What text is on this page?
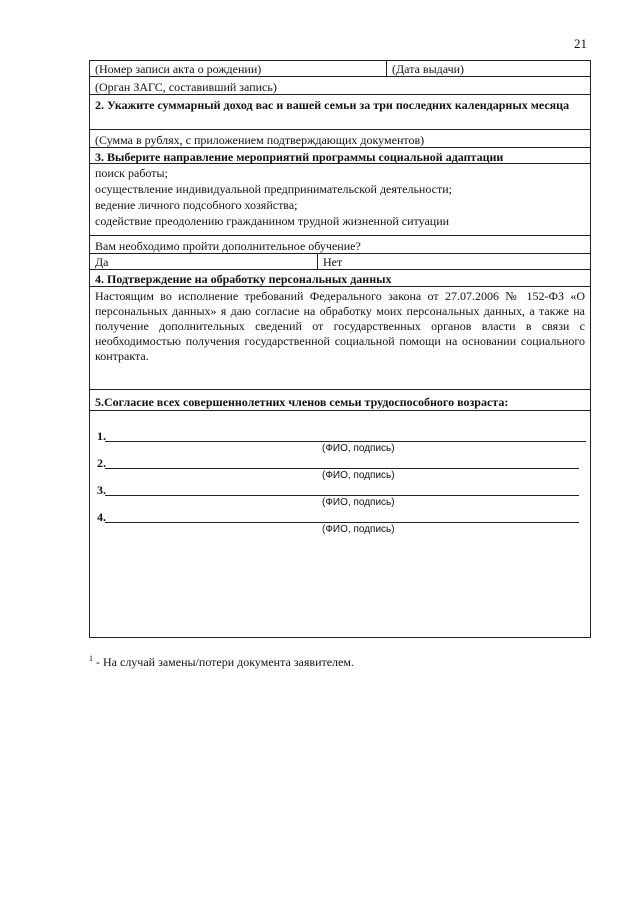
21
(Номер записи акта о рождении)	(Дата выдачи)
(Орган ЗАГС, составивший запись)
2. Укажите суммарный доход вас и вашей семьи за три последних календарных месяца
(Сумма в рублях, с приложением подтверждающих документов)
3. Выберите направление мероприятий программы социальной адаптации
поиск работы;
осуществление индивидуальной предпринимательской деятельности;
ведение личного подсобного хозяйства;
содействие преодолению гражданином трудной жизненной ситуации
Вам необходимо пройти дополнительное обучение?
Да	Нет
4. Подтверждение на обработку персональных данных
Настоящим во исполнение требований Федерального закона от 27.07.2006 № 152-ФЗ «О персональных данных» я даю согласие на обработку моих персональных данных, а также на получение дополнительных сведений от государственных органов власти в связи с необходимостью получения государственной социальной помощи на основании социального контракта.
5.Согласие всех совершеннолетних членов семьи трудоспособного возраста:
1.
(ФИО, подпись)
2.
(ФИО, подпись)
3.
(ФИО, подпись)
4.
(ФИО, подпись)
$^1$ - На случай замены/потери документа заявителем.
